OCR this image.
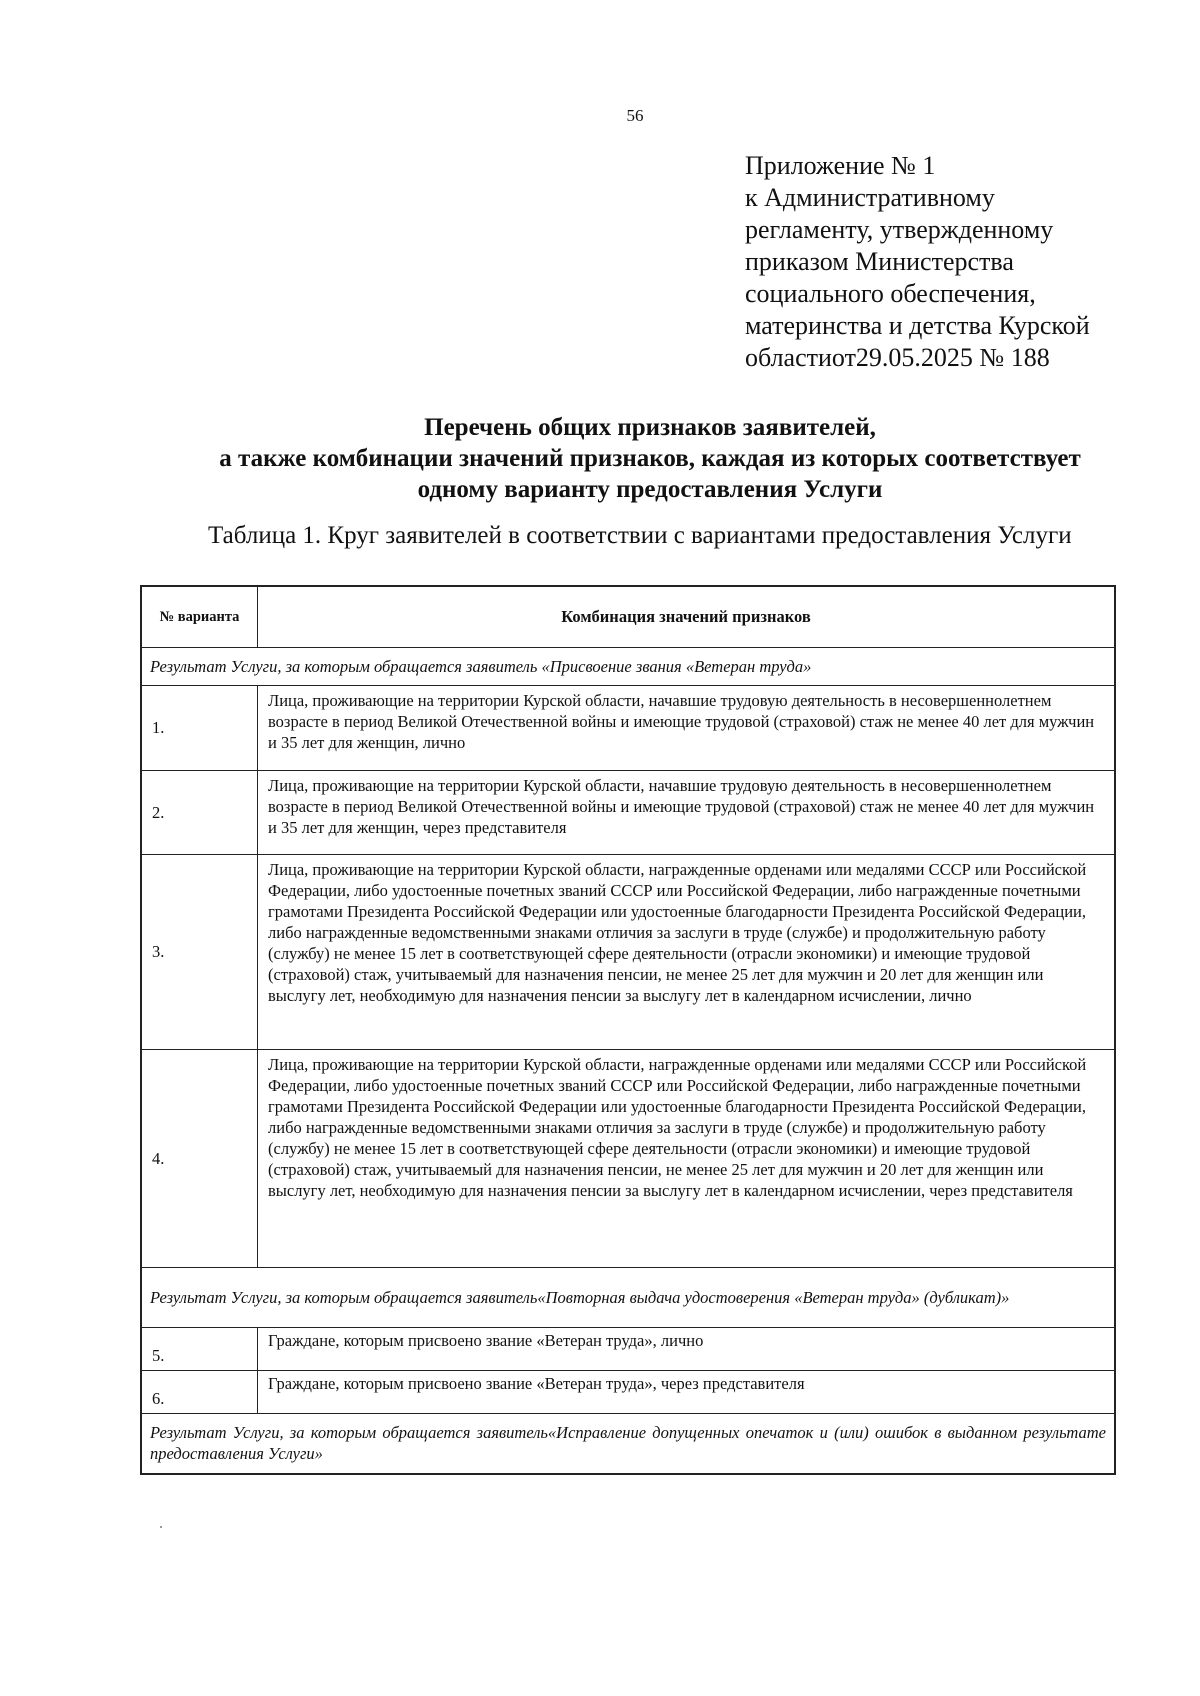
56
Приложение № 1
к Административному
регламенту, утвержденному
приказом Министерства
социального обеспечения,
материнства и детства Курской
областиот29.05.2025 № 188
Перечень общих признаков заявителей,
а также комбинации значений признаков, каждая из которых соответствует
одному варианту предоставления Услуги
Таблица 1. Круг заявителей в соответствии с вариантами предоставления Услуги
№ варианта	Комбинация значений признаков
Результат Услуги, за которым обращается заявитель «Присвоение звания «Ветеран труда»	
1.	Лица, проживающие на территории Курской области, начавшие трудовую деятельность в несовершеннолетнем возрасте в период Великой Отечественной войны и имеющие трудовой (страховой) стаж не менее 40 лет для мужчин и 35 лет для женщин, лично
2.	Лица, проживающие на территории Курской области, начавшие трудовую деятельность в несовершеннолетнем возрасте в период Великой Отечественной войны и имеющие трудовой (страховой) стаж не менее 40 лет для мужчин и 35 лет для женщин, через представителя
3.	Лица, проживающие на территории Курской области, награжденные орденами или медалями СССР или Российской Федерации, либо удостоенные почетных званий СССР или Российской Федерации, либо награжденные почетными грамотами Президента Российской Федерации или удостоенные благодарности Президента Российской Федерации, либо награжденные ведомственными знаками отличия за заслуги в труде (службе) и продолжительную работу (службу) не менее 15 лет в соответствующей сфере деятельности (отрасли экономики) и имеющие трудовой (страховой) стаж, учитываемый для назначения пенсии, не менее 25 лет для мужчин и 20 лет для женщин или выслугу лет, необходимую для назначения пенсии за выслугу лет в календарном исчислении, лично
4.	Лица, проживающие на территории Курской области, награжденные орденами или медалями СССР или Российской Федерации, либо удостоенные почетных званий СССР или Российской Федерации, либо награжденные почетными грамотами Президента Российской Федерации или удостоенные благодарности Президента Российской Федерации, либо награжденные ведомственными знаками отличия за заслуги в труде (службе) и продолжительную работу (службу) не менее 15 лет в соответствующей сфере деятельности (отрасли экономики) и имеющие трудовой (страховой) стаж, учитываемый для назначения пенсии, не менее 25 лет для мужчин и 20 лет для женщин или выслугу лет, необходимую для назначения пенсии за выслугу лет в календарном исчислении, через представителя
Результат Услуги, за которым обращается заявитель«Повторная выдача удостоверения «Ветеран труда» (дубликат)»	
5.	Граждане, которым присвоено звание «Ветеран труда», лично
6.	Граждане, которым присвоено звание «Ветеран труда», через представителя
Результат Услуги, за которым обращается заявитель«Исправление допущенных опечаток и (или) ошибок в выданном результате предоставления Услуги»	
